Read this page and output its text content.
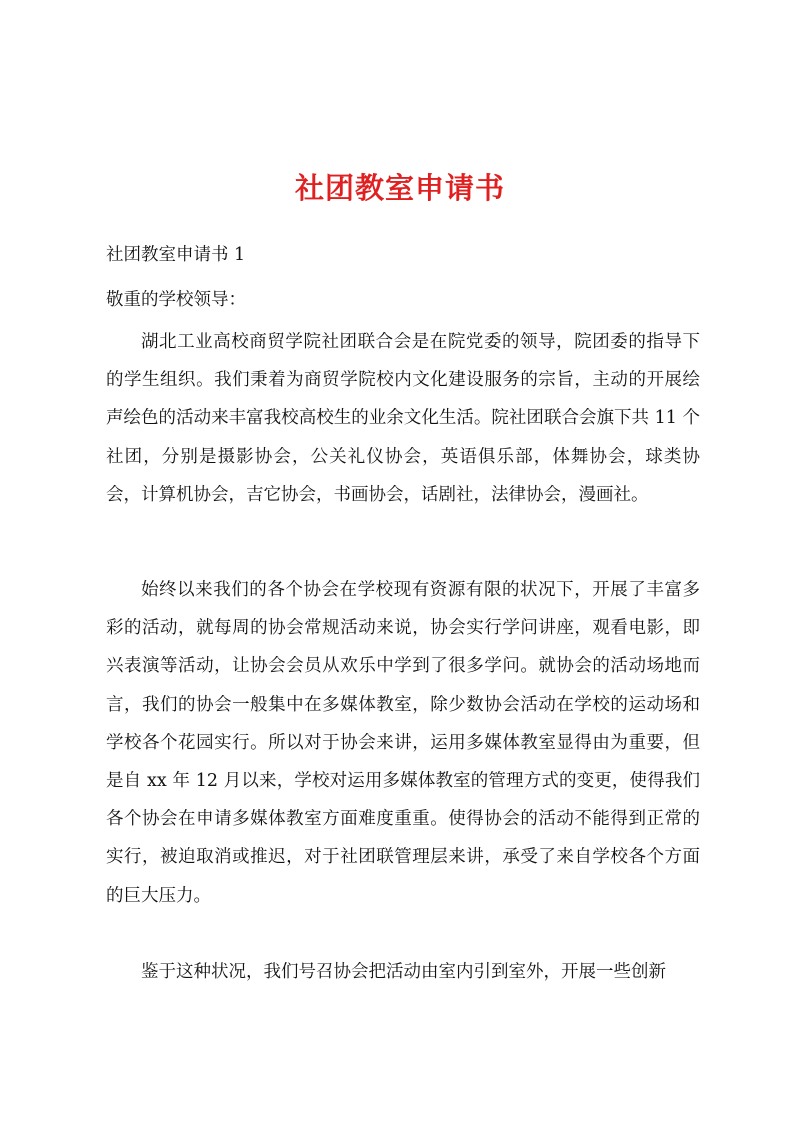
社团教室申请书

社团教室申请书 1

敬重的学校领导：

湖北工业高校商贸学院社团联合会是在院党委的领导，院团委的指导下的学生组织。我们秉着为商贸学院校内文化建设服务的宗旨，主动的开展绘声绘色的活动来丰富我校高校生的业余文化生活。院社团联合会旗下共 11 个社团，分别是摄影协会，公关礼仪协会，英语俱乐部，体舞协会，球类协会，计算机协会，吉它协会，书画协会，话剧社，法律协会，漫画社。

始终以来我们的各个协会在学校现有资源有限的状况下，开展了丰富多彩的活动，就每周的协会常规活动来说，协会实行学问讲座，观看电影，即兴表演等活动，让协会会员从欢乐中学到了很多学问。就协会的活动场地而言，我们的协会一般集中在多媒体教室，除少数协会活动在学校的运动场和学校各个花园实行。所以对于协会来讲，运用多媒体教室显得由为重要，但是自 xx 年 12 月以来，学校对运用多媒体教室的管理方式的变更，使得我们各个协会在申请多媒体教室方面难度重重。使得协会的活动不能得到正常的实行，被迫取消或推迟，对于社团联管理层来讲，承受了来自学校各个方面的巨大压力。

鉴于这种状况，我们号召协会把活动由室内引到室外，开展一些创新
